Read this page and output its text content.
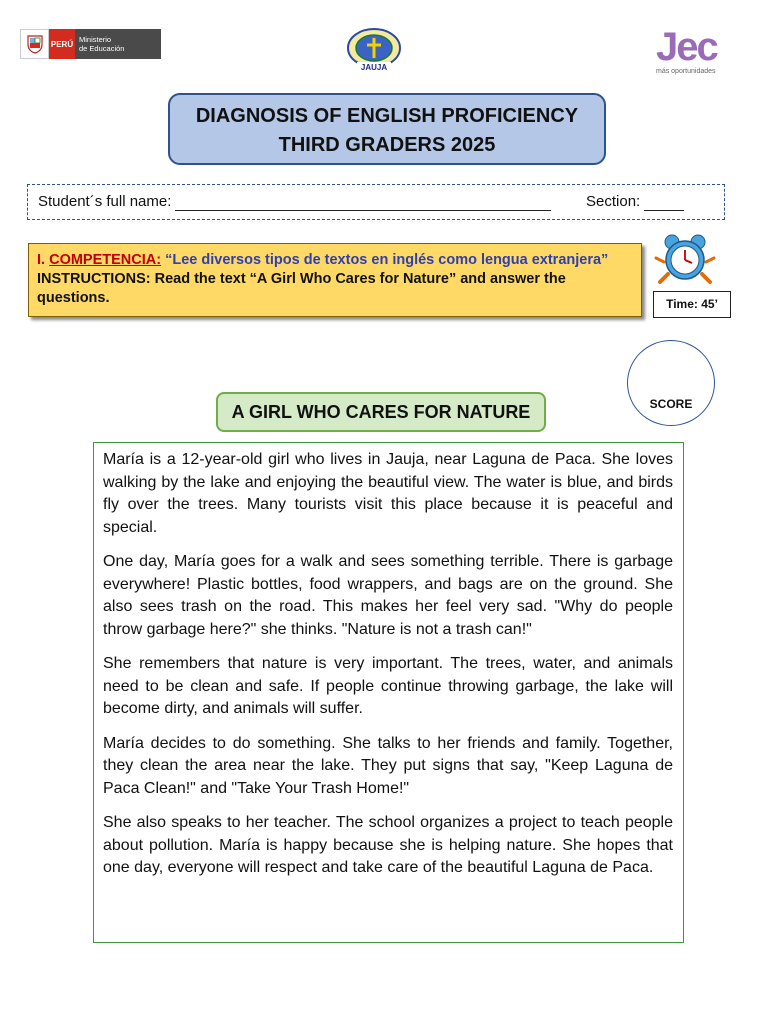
PERÚ Ministerio
de Educación
JAUJA	Jec
más oportunidades
DIAGNOSIS OF ENGLISH PROFICIENCY
THIRD GRADERS 2025
Student´s full name:	Section:
I. COMPETENCIA: “Lee diversos tipos de textos en inglés como lengua extranjera”
INSTRUCTIONS: Read the text “A Girl Who Cares for Nature” and answer the
questions.	Time: 45’
SCORE
A GIRL WHO CARES FOR NATURE

María is a 12-year-old girl who lives in Jauja, near Laguna de Paca. She loves walking by the lake and enjoying the beautiful view. The water is blue, and birds fly over the trees. Many tourists visit this place because it is peaceful and special.

One day, María goes for a walk and sees something terrible. There is garbage everywhere! Plastic bottles, food wrappers, and bags are on the ground. She also sees trash on the road. This makes her feel very sad. "Why do people throw garbage here?" she thinks. "Nature is not a trash can!"

She remembers that nature is very important. The trees, water, and animals need to be clean and safe. If people continue throwing garbage, the lake will become dirty, and animals will suffer.

María decides to do something. She talks to her friends and family. Together, they clean the area near the lake. They put signs that say, "Keep Laguna de Paca Clean!" and "Take Your Trash Home!"

She also speaks to her teacher. The school organizes a project to teach people about pollution. María is happy because she is helping nature. She hopes that one day, everyone will respect and take care of the beautiful Laguna de Paca.
